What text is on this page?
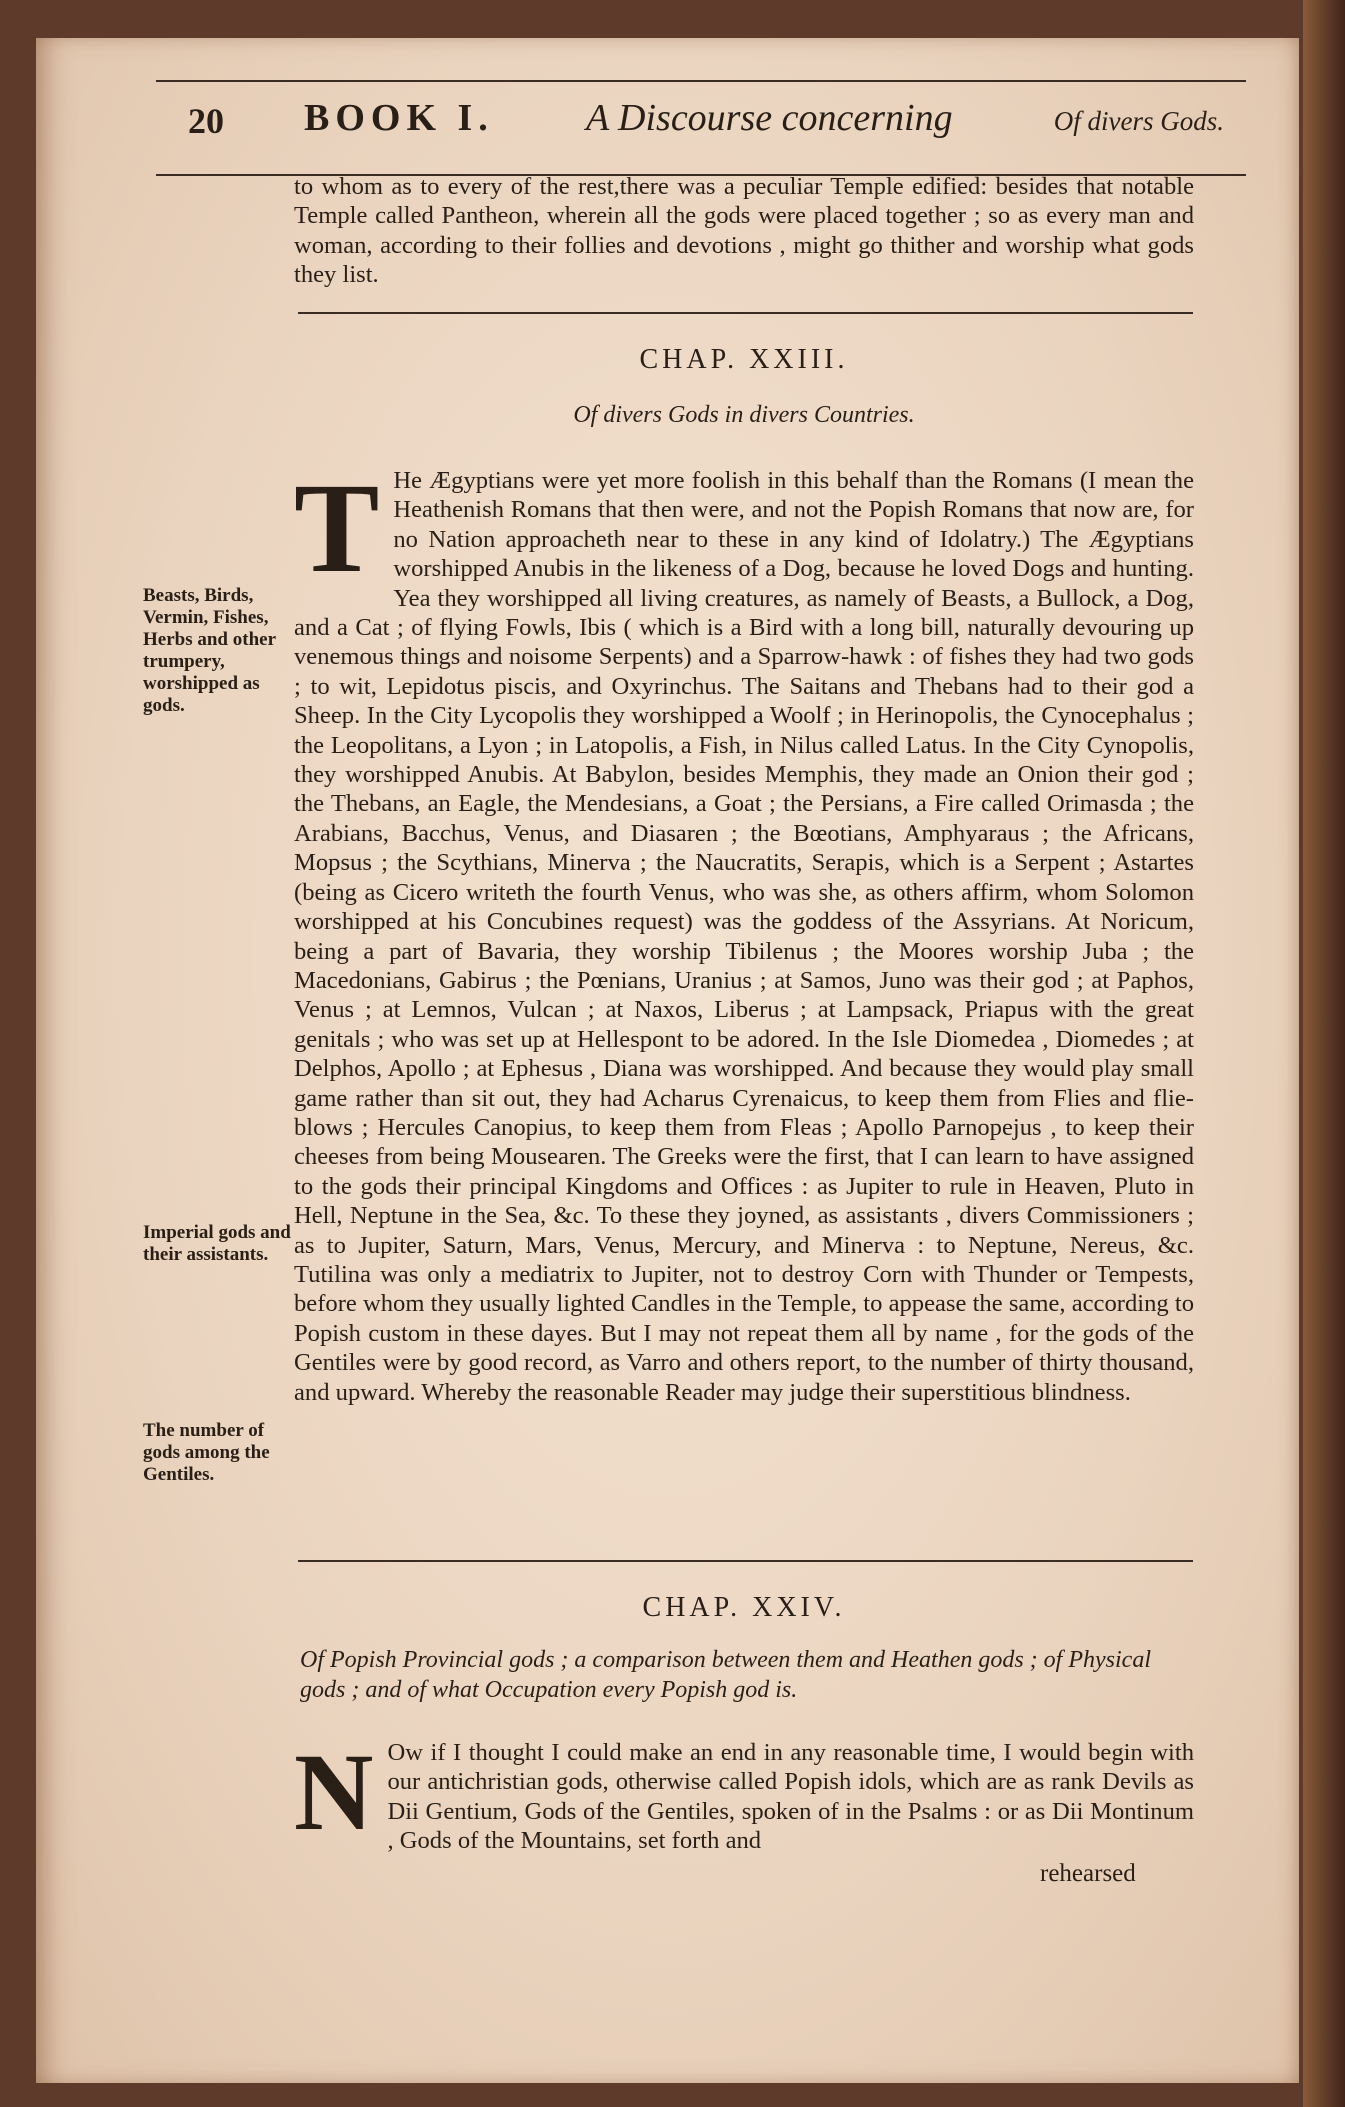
20 BOOK I. A Discourse concerning	Of divers Gods.

to whom as to every of the rest,there was a peculiar Temple edified: besides that notable Temple called Pantheon, wherein all the gods were placed together ; so as every man and woman, according to their follies and devotions , might go thither and worship what gods they list.

CHAP. XXIII.
Of divers Gods in divers Countries.
T He Ægyptians were yet more foolish in this behalf than the Romans (I mean the Heathenish Romans that then were, and not the Popish Romans that now are, for no Nation approacheth near to these in any kind of Idolatry.) The Ægyptians worshipped Anubis in the likeness of a Dog, because he loved Dogs and hunting. Yea they worshipped all living creatures, as namely of Beasts, a Bullock, a Dog, and a Cat ; of flying Fowls, Ibis ( which is a Bird with a long bill, naturally devouring up venemous things and noisome Serpents) and a Sparrow-hawk : of fishes they had two gods ; to wit, Lepidotus piscis, and Oxyrinchus. The Saitans and Thebans had to their god a Sheep. In the City Lycopolis they worshipped a Woolf ; in Herinopolis, the Cynocephalus ; the Leopolitans, a Lyon ; in Latopolis, a Fish, in Nilus called Latus. In the City Cynopolis, they worshipped Anubis. At Babylon, besides Memphis, they made an Onion their god ; the Thebans, an Eagle, the Mendesians, a Goat ; the Persians, a Fire called Orimasda ; the Arabians, Bacchus, Venus, and Diasaren ; the Bœotians, Amphyaraus ; the Africans, Mopsus ; the Scythians, Minerva ; the Naucratits, Serapis, which is a Serpent ; Astartes (being as Cicero writeth the fourth Venus, who was she, as others affirm, whom Solomon worshipped at his Concubines request) was the goddess of the Assyrians. At Noricum, being a part of Bavaria, they worship Tibilenus ; the Moores worship Juba ; the Macedonians, Gabirus ; the Pœnians, Uranius ; at Samos, Juno was their god ; at Paphos, Venus ; at Lemnos, Vulcan ; at Naxos, Liberus ; at Lampsack, Priapus with the great genitals ; who was set up at Hellespont to be adored. In the Isle Diomedea , Diomedes ; at Delphos, Apollo ; at Ephesus , Diana was worshipped. And because they would play small game rather than sit out, they had Acharus Cyrenaicus, to keep them from Flies and flie-blows ; Hercules Canopius, to keep them from Fleas ; Apollo Parnopejus , to keep their cheeses from being Mousearen. The Greeks were the first, that I can learn to have assigned to the gods their principal Kingdoms and Offices : as Jupiter to rule in Heaven, Pluto in Hell, Neptune in the Sea, &c. To these they joyned, as assistants , divers Commissioners ; as to Jupiter, Saturn, Mars, Venus, Mercury, and Minerva : to Neptune, Nereus, &c. Tutilina was only a mediatrix to Jupiter, not to destroy Corn with Thunder or Tempests, before whom they usually lighted Candles in the Temple, to appease the same, according to Popish custom in these dayes. But I may not repeat them all by name , for the gods of the Gentiles were by good record, as Varro and others report, to the number of thirty thousand, and upward. Whereby the reasonable Reader may judge their superstitious blindness.
Beasts, Birds, Vermin, Fishes, Herbs and other trumpery, worshipped as gods.
Imperial gods and their assistants.
The number of gods among the Gentiles.
CHAP. XXIV.
Of Popish Provincial gods ; a comparison between them and Heathen gods ; of Physical gods ; and of what Occupation every Popish god is.
N Ow if I thought I could make an end in any reasonable time, I would begin with our antichristian gods, otherwise called Popish idols, which are as rank Devils as Dii Gentium, Gods of the Gentiles, spoken of in the Psalms : or as Dii Montinum , Gods of the Mountains, set forth and
rehearsed
